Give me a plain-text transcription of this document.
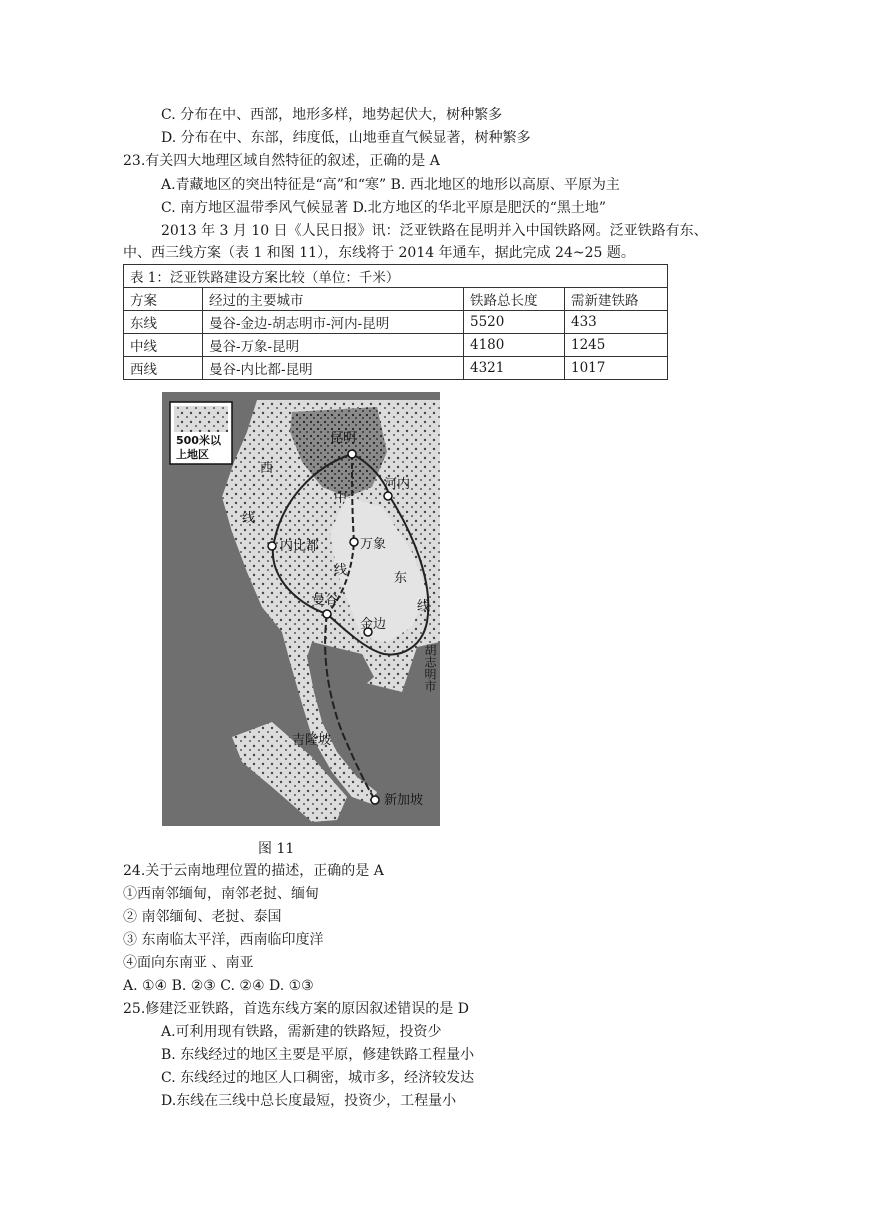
C. 分布在中、西部，地形多样，地势起伏大，树种繁多
D. 分布在中、东部，纬度低，山地垂直气候显著，树种繁多
23.有关四大地理区域自然特征的叙述，正确的是 A
A.青藏地区的突出特征是“高”和“寒” B. 西北地区的地形以高原、平原为主
C. 南方地区温带季风气候显著 D.北方地区的华北平原是肥沃的“黑土地”
2013 年 3 月 10 日《人民日报》讯：泛亚铁路在昆明并入中国铁路网。泛亚铁路有东、
中、西三线方案（表 1 和图 11），东线将于 2014 年通车，据此完成 24~25 题。
表 1：泛亚铁路建设方案比较（单位：千米）			
方案	经过的主要城市	铁路总长度	需新建铁路
东线	曼谷-金边-胡志明市-河内-昆明	5520	433
中线	曼谷-万象-昆明	4180	1245
西线	曼谷-内比都-昆明	4321	1017
500米以
上地区
昆明
河内
内比都	万象
曼谷
金边
吉隆坡
新加坡
西
线
中
线
东
线
胡志明市
图 11
24.关于云南地理位置的描述，正确的是 A
①西南邻缅甸，南邻老挝、缅甸
② 南邻缅甸、老挝、泰国
③ 东南临太平洋，西南临印度洋
④面向东南亚 、南亚
A. ①④ B. ②③ C. ②④ D. ①③
25.修建泛亚铁路，首选东线方案的原因叙述错误的是 D
A.可利用现有铁路，需新建的铁路短，投资少
B. 东线经过的地区主要是平原，修建铁路工程量小
C. 东线经过的地区人口稠密，城市多，经济较发达
D.东线在三线中总长度最短，投资少，工程量小
